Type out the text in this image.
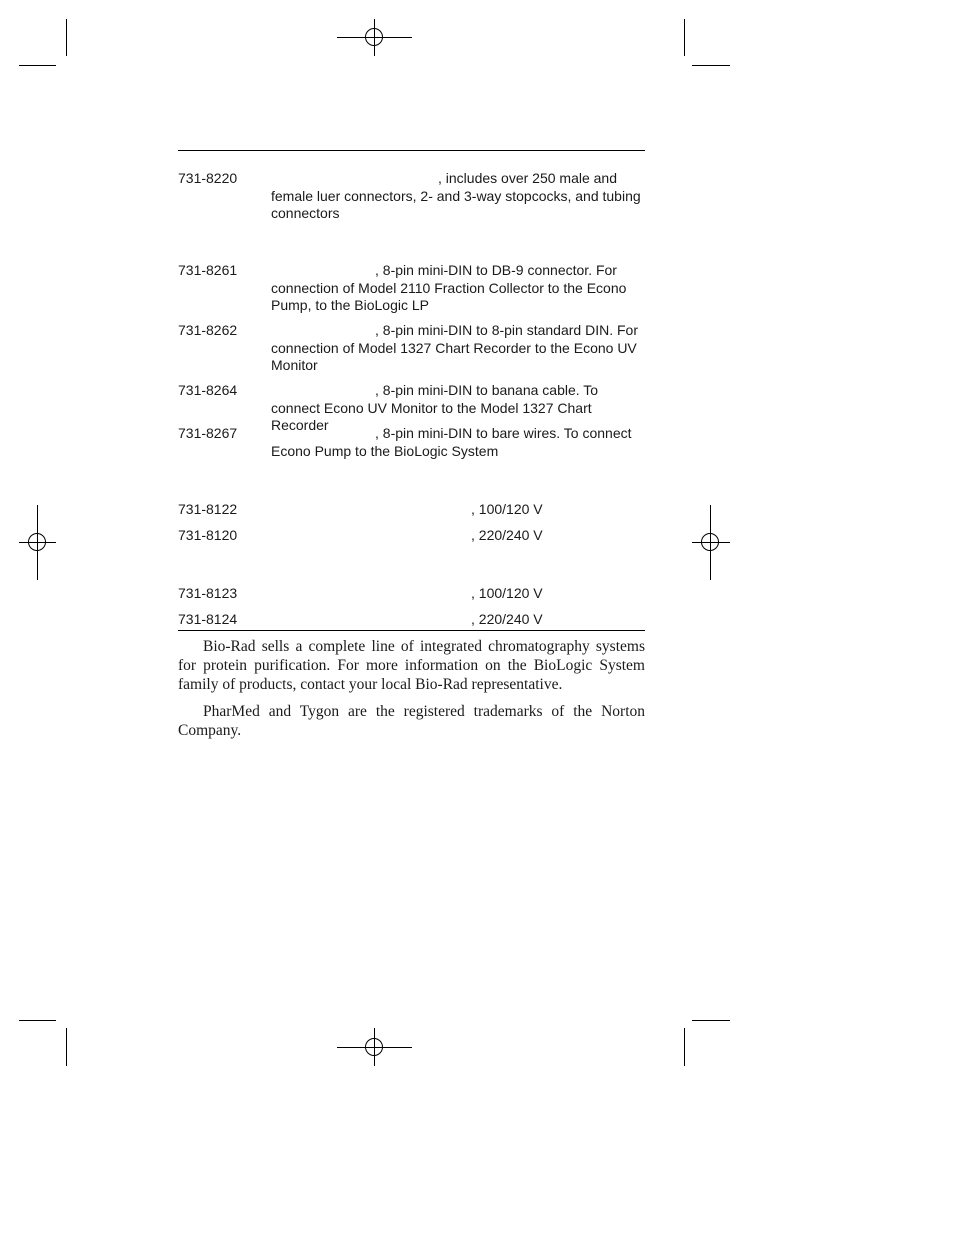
731-8220	, includes over 250 male and female luer connectors, 2- and 3-way stopcocks, and tubing connectors
731-8261	, 8-pin mini-DIN to DB-9 connector. For connection of Model 2110 Fraction Collector to the Econo Pump, to the BioLogic LP
731-8262	, 8-pin mini-DIN to 8-pin standard DIN. For connection of Model 1327 Chart Recorder to the Econo UV Monitor
731-8264	, 8-pin mini-DIN to banana cable. To connect Econo UV Monitor to the Model 1327 Chart Recorder
731-8267	, 8-pin mini-DIN to bare wires. To connect Econo Pump to the BioLogic System
731-8122	, 100/120 V
731-8120	, 220/240 V
731-8123	, 100/120 V
731-8124	, 220/240 V

Bio-Rad sells a complete line of integrated chromatography systems for protein purification. For more information on the BioLogic System family of products, contact your local Bio-Rad representative.

PharMed and Tygon are the registered trademarks of the Norton Company.
